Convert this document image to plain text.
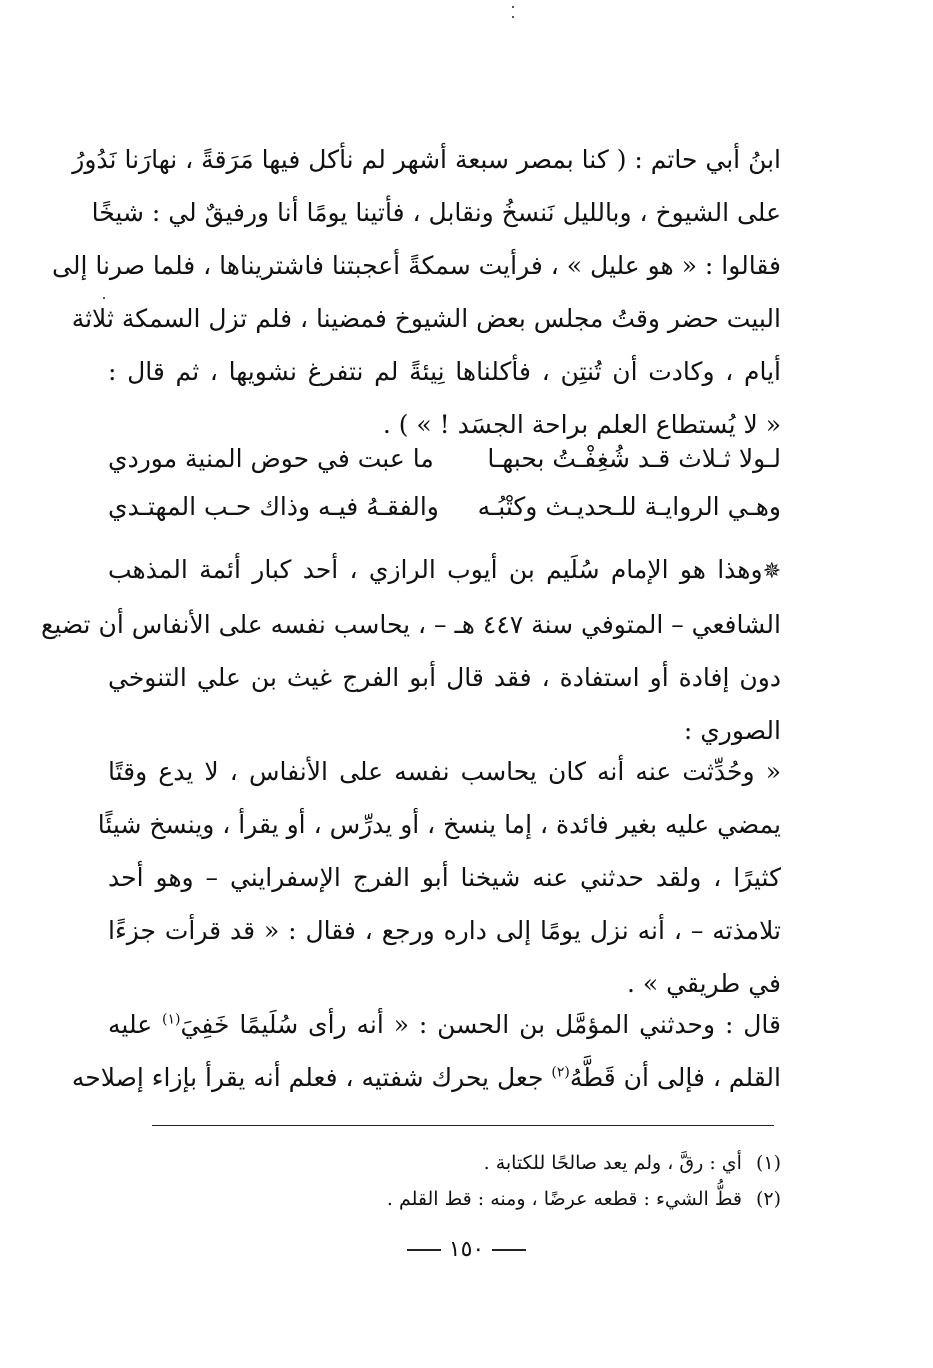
ابنُ أبي حاتم : ( كنا بمصر سبعة أشهر لم نأكل فيها مَرَقةً ، نهارَنا نَدُورُ
على الشيوخ ، وبالليل نَنسخُ ونقابل ، فأتينا يومًا أنا ورفيقٌ لي : شيخًا
فقالوا : « هو عليل » ، فرأيت سمكةً أعجبتنا فاشتريناها ، فلما صرنا إلى
البيت حضر وقتُ مجلس بعض الشيوخ فمضينا ، فلم تزل السمكة ثلاثة
أيام ، وكادت أن تُنتِن ، فأكلناها نِيئةً لم نتفرغ نشويها ، ثم قال :
« لا يُستطاع العلم براحة الجسَد ! » ) .
لـولا ثـلاث قـد شُغِفْـتُ بحبهـا
ما عبت في حوض المنية موردي
وهـي الروايـة للـحديـث وكتْبُـه
والفقـهُ فيـه وذاك حـب المهتـدي
✵وهذا هو الإمام سُلَيم بن أيوب الرازي ، أحد كبار أئمة المذهب
الشافعي – المتوفي سنة ٤٤٧ هـ – ، يحاسب نفسه على الأنفاس أن تضيع
دون إفادة أو استفادة ، فقد قال أبو الفرج غيث بن علي التنوخي
الصوري :
« وحُدِّثت عنه أنه كان يحاسب نفسه على الأنفاس ، لا يدع وقتًا
يمضي عليه بغير فائدة ، إما ينسخ ، أو يدرِّس ، أو يقرأ ، وينسخ شيئًا
كثيرًا ، ولقد حدثني عنه شيخنا أبو الفرج الإسفرايني – وهو أحد
تلامذته – ، أنه نزل يومًا إلى داره ورجع ، فقال : « قد قرأت جزءًا
في طريقي » .
قال : وحدثني المؤمَّل بن الحسن : « أنه رأى سُلَيمًا خَفِيَ$^{(١)}$ عليه
القلم ، فإلى أن قَطَّهُ$^{(٢)}$ جعل يحرك شفتيه ، فعلم أنه يقرأ بإزاء إصلاحه
(١)أي : رقَّ ، ولم يعد صالحًا للكتابة .
(٢)قطُّ الشيء : قطعه عرضًا ، ومنه : قط القلم .
١٥٠
